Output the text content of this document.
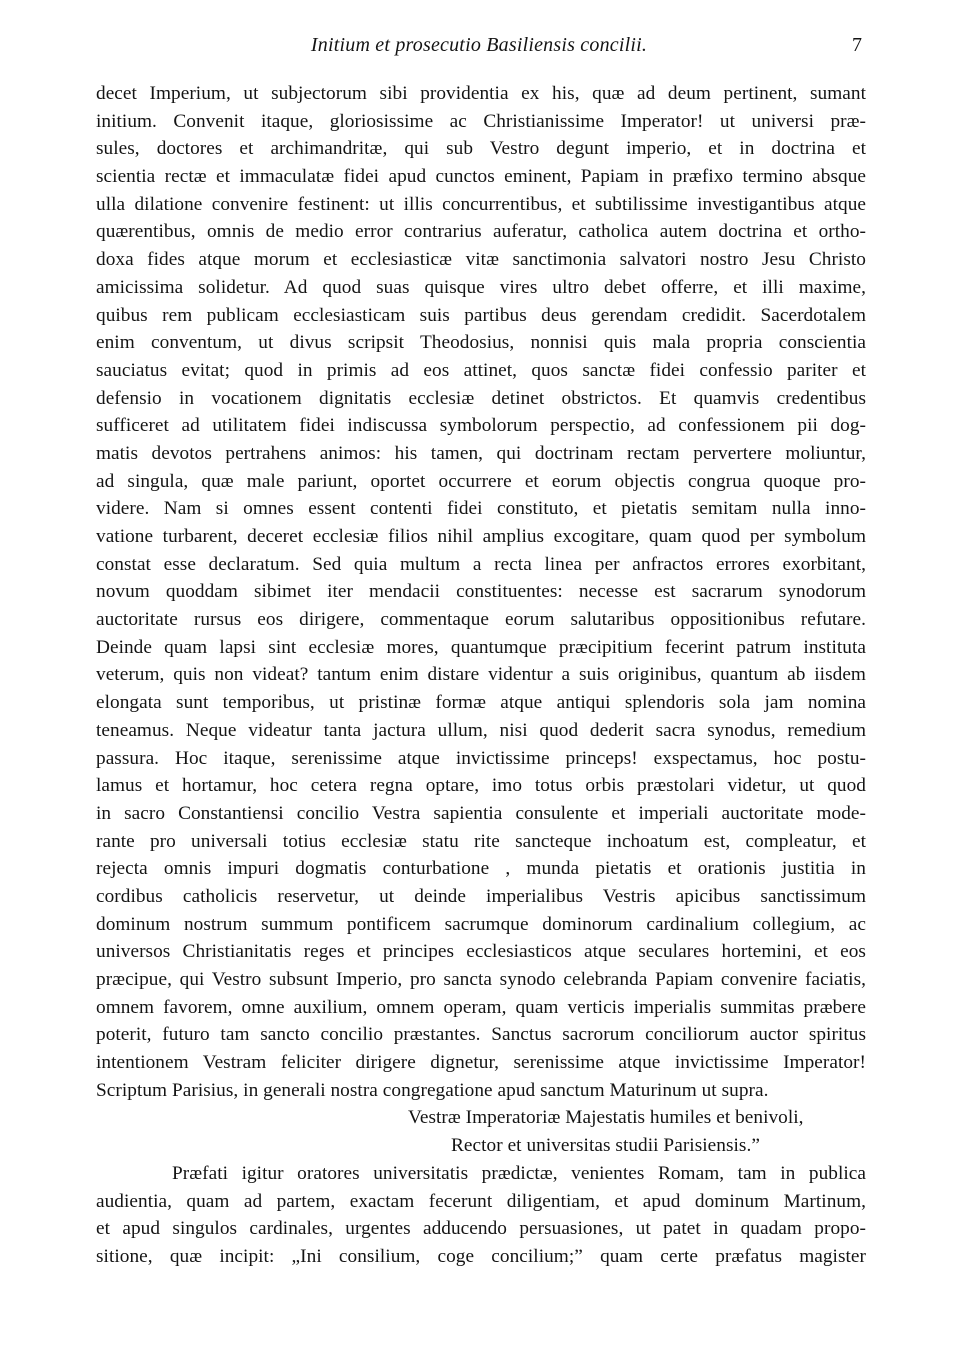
Initium et prosecutio Basiliensis concilii.	7
decet Imperium, ut subjectorum sibi providentia ex his, quæ ad deum pertinent, sumant
initium. Convenit itaque, gloriosissime ac Christianissime Imperator! ut universi præ-
sules, doctores et archimandritæ, qui sub Vestro degunt imperio, et in doctrina et
scientia rectæ et immaculatæ fidei apud cunctos eminent, Papiam in præfixo termino absque
ulla dilatione convenire festinent: ut illis concurrentibus, et subtilissime investigantibus atque
quærentibus, omnis de medio error contrarius auferatur, catholica autem doctrina et ortho-
doxa fides atque morum et ecclesiasticæ vitæ sanctimonia salvatori nostro Jesu Christo
amicissima solidetur. Ad quod suas quisque vires ultro debet offerre, et illi maxime,
quibus rem publicam ecclesiasticam suis partibus deus gerendam credidit. Sacerdotalem
enim conventum, ut divus scripsit Theodosius, nonnisi quis mala propria conscientia
sauciatus evitat; quod in primis ad eos attinet, quos sanctæ fidei confessio pariter et
defensio in vocationem dignitatis ecclesiæ detinet obstrictos. Et quamvis credentibus
sufficeret ad utilitatem fidei indiscussa symbolorum perspectio, ad confessionem pii dog-
matis devotos pertrahens animos: his tamen, qui doctrinam rectam pervertere moliuntur,
ad singula, quæ male pariunt, oportet occurrere et eorum objectis congrua quoque pro-
videre. Nam si omnes essent contenti fidei constituto, et pietatis semitam nulla inno-
vatione turbarent, deceret ecclesiæ filios nihil amplius excogitare, quam quod per symbolum
constat esse declaratum. Sed quia multum a recta linea per anfractos errores exorbitant,
novum quoddam sibimet iter mendacii constituentes: necesse est sacrarum synodorum
auctoritate rursus eos dirigere, commentaque eorum salutaribus oppositionibus refutare.
Deinde quam lapsi sint ecclesiæ mores, quantumque præcipitium fecerint patrum instituta
veterum, quis non videat? tantum enim distare videntur a suis originibus, quantum ab iisdem
elongata sunt temporibus, ut pristinæ formæ atque antiqui splendoris sola jam nomina
teneamus. Neque videatur tanta jactura ullum, nisi quod dederit sacra synodus, remedium
passura. Hoc itaque, serenissime atque invictissime princeps! exspectamus, hoc postu-
lamus et hortamur, hoc cetera regna optare, imo totus orbis præstolari videtur, ut quod
in sacro Constantiensi concilio Vestra sapientia consulente et imperiali auctoritate mode-
rante pro universali totius ecclesiæ statu rite sancteque inchoatum est, compleatur, et
rejecta omnis impuri dogmatis conturbatione , munda pietatis et orationis justitia in
cordibus catholicis reservetur, ut deinde imperialibus Vestris apicibus sanctissimum
dominum nostrum summum pontificem sacrumque dominorum cardinalium collegium, ac
universos Christianitatis reges et principes ecclesiasticos atque seculares hortemini, et eos
præcipue, qui Vestro subsunt Imperio, pro sancta synodo celebranda Papiam convenire faciatis,
omnem favorem, omne auxilium, omnem operam, quam verticis imperialis summitas præbere
poterit, futuro tam sancto concilio præstantes. Sanctus sacrorum conciliorum auctor spiritus
intentionem Vestram feliciter dirigere dignetur, serenissime atque invictissime Imperator!
Scriptum Parisius, in generali nostra congregatione apud sanctum Maturinum ut supra.
Vestræ Imperatoriæ Majestatis humiles et benivoli,
Rector et universitas studii Parisiensis.”
Præfati igitur oratores universitatis prædictæ, venientes Romam, tam in publica
audientia, quam ad partem, exactam fecerunt diligentiam, et apud dominum Martinum,
et apud singulos cardinales, urgentes adducendo persuasiones, ut patet in quadam propo-
sitione, quæ incipit: „Ini consilium, coge concilium;” quam certe præfatus magister
